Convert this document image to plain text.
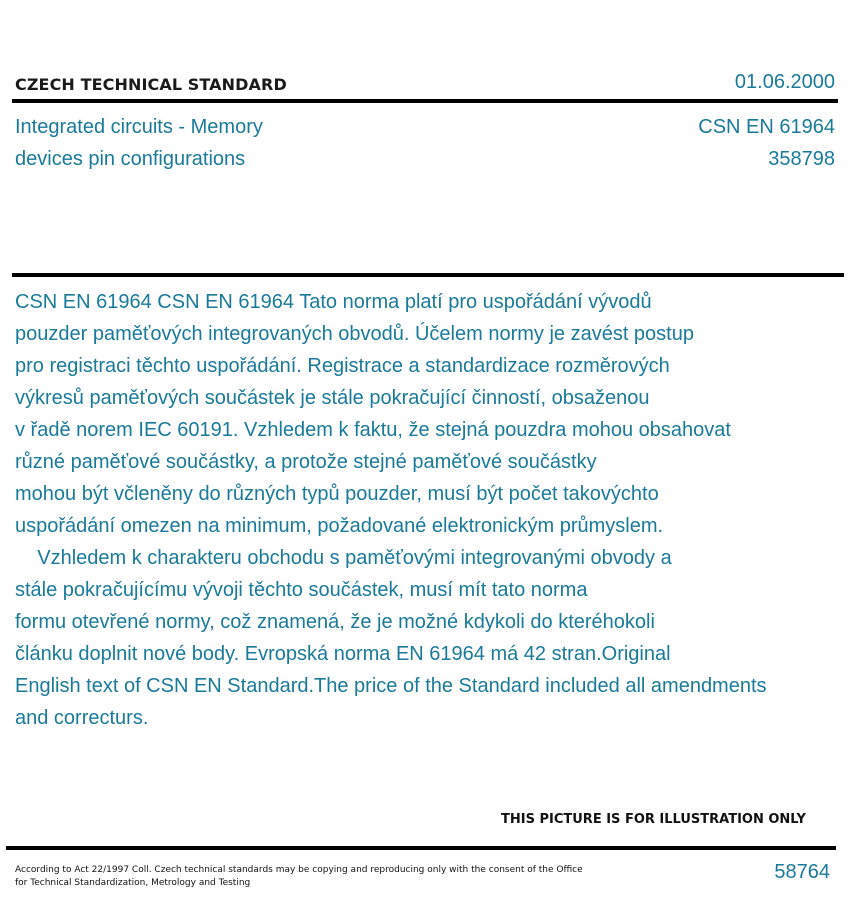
CZECH TECHNICAL STANDARD	01.06.2000
Integrated circuits - Memory
devices pin configurations
CSN EN 61964
358798
CSN EN 61964 CSN EN 61964 Tato norma platí pro uspořádání vývodů
pouzder paměťových integrovaných obvodů. Účelem normy je zavést postup
pro registraci těchto uspořádání. Registrace a standardizace rozměrových
výkresů paměťových součástek je stále pokračující činností, obsaženou
v řadě norem IEC 60191. Vzhledem k faktu, že stejná pouzdra mohou obsahovat
různé paměťové součástky, a protože stejné paměťové součástky
mohou být včleněny do různých typů pouzder, musí být počet takovýchto
uspořádání omezen na minimum, požadované elektronickým průmyslem.
Vzhledem k charakteru obchodu s paměťovými integrovanými obvody a
stále pokračujícímu vývoji těchto součástek, musí mít tato norma
formu otevřené normy, což znamená, že je možné kdykoli do kteréhokoli
článku doplnit nové body. Evropská norma EN 61964 má 42 stran.Original
English text of CSN EN Standard.The price of the Standard included all amendments
and correcturs.
THIS PICTURE IS FOR ILLUSTRATION ONLY
According to Act 22/1997 Coll. Czech technical standards may be copying and reproducing only with the consent of the Office
for Technical Standardization, Metrology and Testing	58764
